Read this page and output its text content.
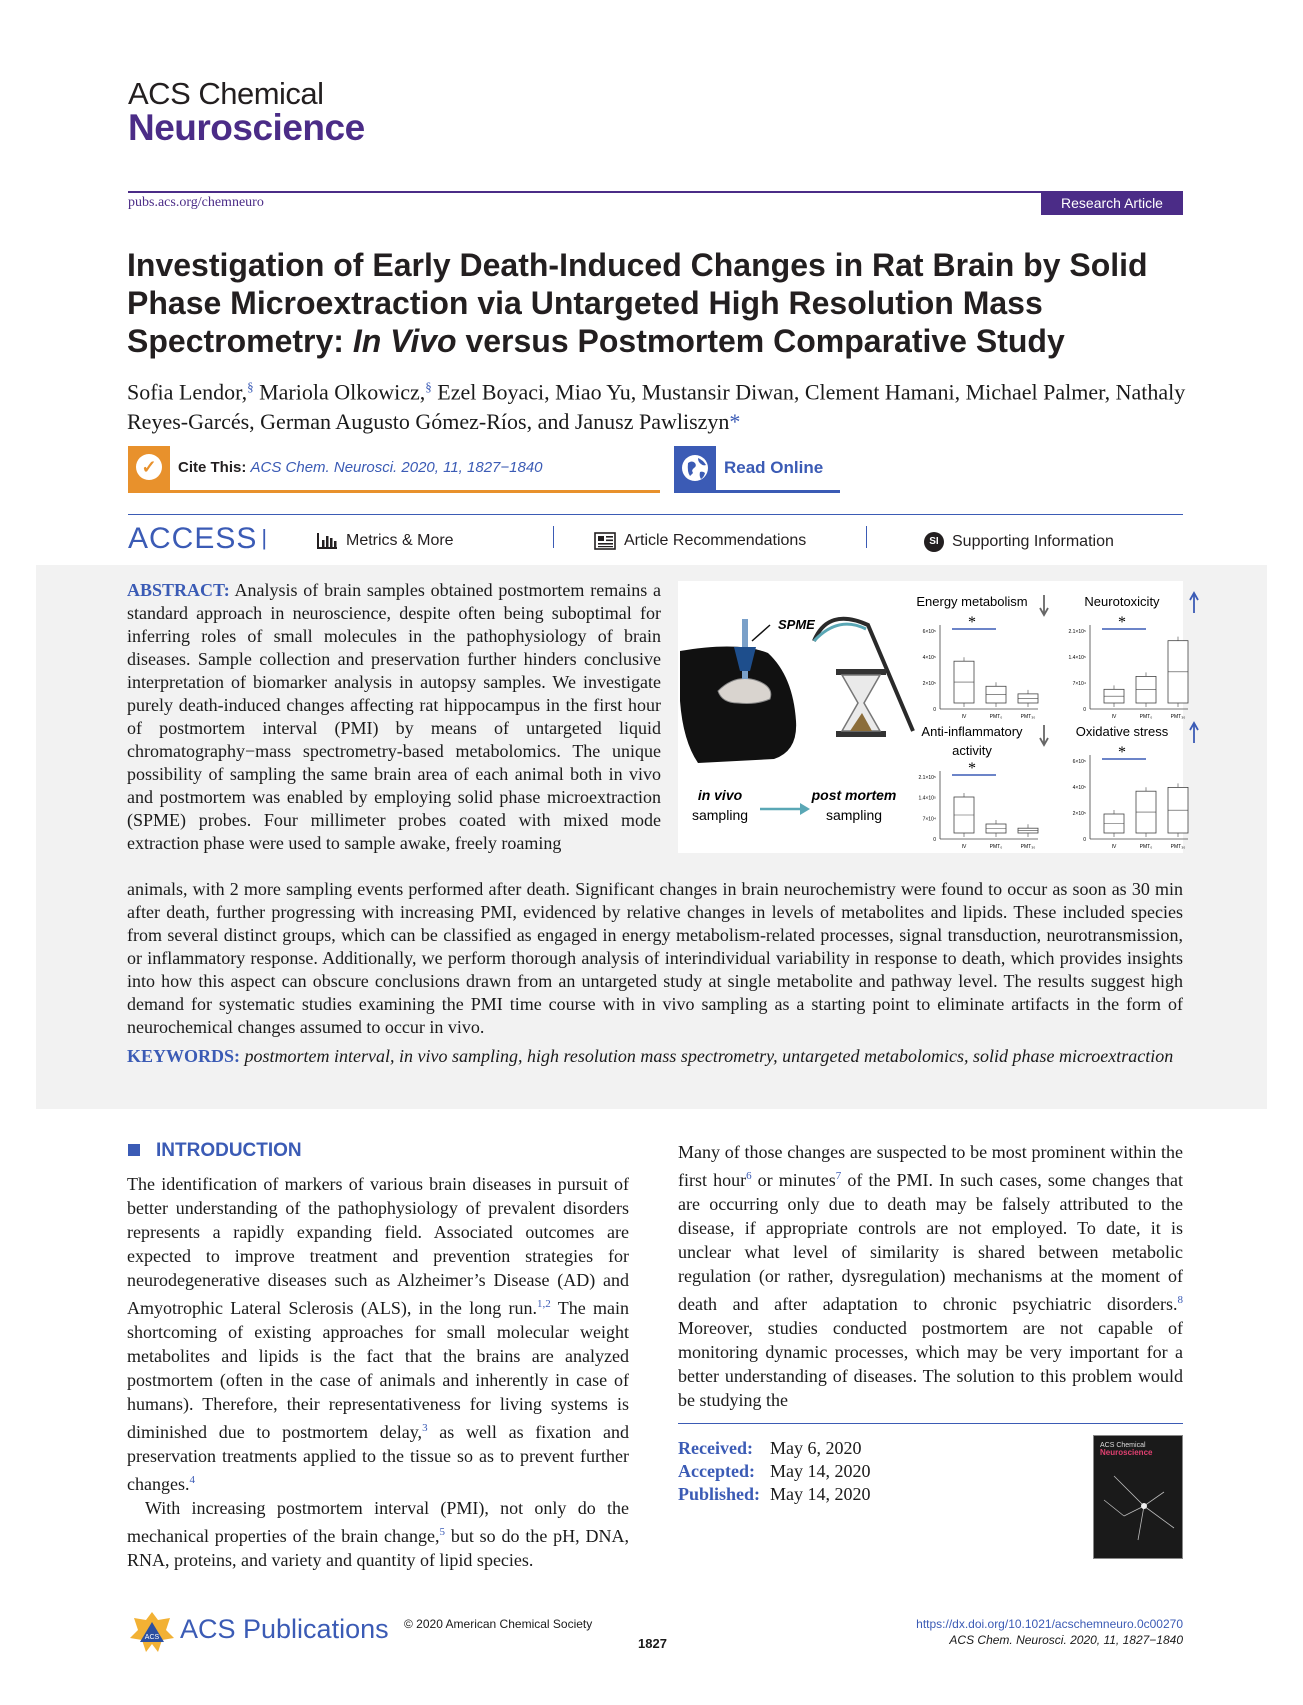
ACS Chemical
Neuroscience
pubs.acs.org/chemneuro	Research Article
Investigation of Early Death-Induced Changes in Rat Brain by Solid Phase Microextraction via Untargeted High Resolution Mass Spectrometry: In Vivo versus Postmortem Comparative Study
Sofia Lendor,§ Mariola Olkowicz,§ Ezel Boyaci, Miao Yu, Mustansir Diwan, Clement Hamani, Michael Palmer, Nathaly Reyes-Garcés, German Augusto Gómez-Ríos, and Janusz Pawliszyn*
✓	Cite This: ACS Chem. Neurosci. 2020, 11, 1827−1840	Read Online
ACCESS |	Metrics & More	Article Recommendations	SI Supporting Information
ABSTRACT: Analysis of brain samples obtained postmortem remains a standard approach in neuroscience, despite often being suboptimal for inferring roles of small molecules in the pathophysiology of brain diseases. Sample collection and preservation further hinders conclusive interpretation of biomarker analysis in autopsy samples. We investigate purely death-induced changes affecting rat hippocampus in the first hour of postmortem interval (PMI) by means of untargeted liquid chromatography−mass spectrometry-based metabolomics. The unique possibility of sampling the same brain area of each animal both in vivo and postmortem was enabled by employing solid phase microextraction (SPME) probes. Four millimeter probes coated with mixed mode extraction phase were used to sample awake, freely roaming
SPME
in vivo
sampling
post mortem
sampling
Energy metabolism
*
6×10⁵
4×10⁵
2×10⁵
0
IV	PMT₀	PMT₃₀
Neurotoxicity
*
2.1×10⁵
1.4×10⁵
7×10⁴
0
IV	PMT₀	PMT₃₀
Anti-inflammatory
activity
*
2.1×10⁵
1.4×10⁵
7×10⁴
0
IV	PMT₀	PMT₃₀
Oxidative stress
*
6×10⁵
4×10⁵
2×10⁵
0
IV	PMT₀	PMT₃₀
animals, with 2 more sampling events performed after death. Significant changes in brain neurochemistry were found to occur as soon as 30 min after death, further progressing with increasing PMI, evidenced by relative changes in levels of metabolites and lipids. These included species from several distinct groups, which can be classified as engaged in energy metabolism-related processes, signal transduction, neurotransmission, or inflammatory response. Additionally, we perform thorough analysis of interindividual variability in response to death, which provides insights into how this aspect can obscure conclusions drawn from an untargeted study at single metabolite and pathway level. The results suggest high demand for systematic studies examining the PMI time course with in vivo sampling as a starting point to eliminate artifacts in the form of neurochemical changes assumed to occur in vivo.
KEYWORDS: postmortem interval, in vivo sampling, high resolution mass spectrometry, untargeted metabolomics, solid phase microextraction
INTRODUCTION

The identification of markers of various brain diseases in pursuit of better understanding of the pathophysiology of prevalent disorders represents a rapidly expanding field. Associated outcomes are expected to improve treatment and prevention strategies for neurodegenerative diseases such as Alzheimer’s Disease (AD) and Amyotrophic Lateral Sclerosis (ALS), in the long run.$^{1,2}$ The main shortcoming of existing approaches for small molecular weight metabolites and lipids is the fact that the brains are analyzed postmortem (often in the case of animals and inherently in case of humans). Therefore, their representativeness for living systems is diminished due to postmortem delay,$^3$ as well as fixation and preservation treatments applied to the tissue so as to prevent further changes.$^4$

With increasing postmortem interval (PMI), not only do the mechanical properties of the brain change,$^5$ but so do the pH, DNA, RNA, proteins, and variety and quantity of lipid species.

Many of those changes are suspected to be most prominent within the first hour$^6$ or minutes$^7$ of the PMI. In such cases, some changes that are occurring only due to death may be falsely attributed to the disease, if appropriate controls are not employed. To date, it is unclear what level of similarity is shared between metabolic regulation (or rather, dysregulation) mechanisms at the moment of death and after adaptation to chronic psychiatric disorders.$^8$ Moreover, studies conducted postmortem are not capable of monitoring dynamic processes, which may be very important for a better understanding of diseases. The solution to this problem would be studying the

Received: May 6, 2020
Accepted: May 14, 2020
Published: May 14, 2020
ACS Chemical
Neuroscience
ACS ACS Publications © 2020 American Chemical Society
1827
https://dx.doi.org/10.1021/acschemneuro.0c00270
ACS Chem. Neurosci. 2020, 11, 1827−1840
